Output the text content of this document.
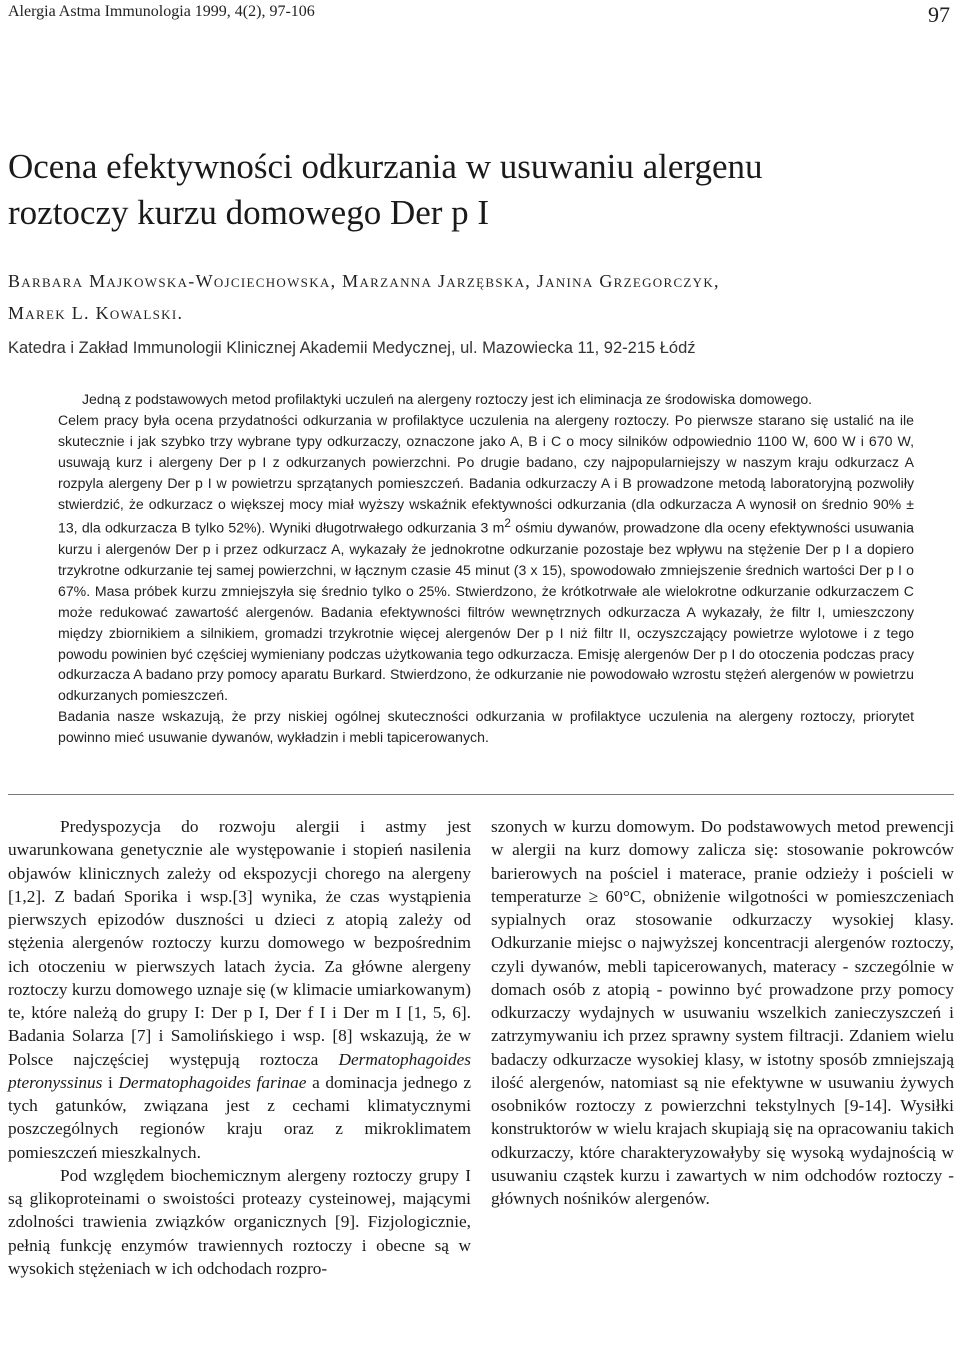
Alergia Astma Immunologia 1999, 4(2), 97-106	97
Ocena efektywności odkurzania w usuwaniu alergenu
roztoczy kurzu domowego Der p I
Barbara Majkowska-Wojciechowska, Marzanna Jarzębska, Janina Grzegorczyk,
Marek L. Kowalski.
Katedra i Zakład Immunologii Klinicznej Akademii Medycznej, ul. Mazowiecka 11, 92-215 Łódź

Jedną z podstawowych metod profilaktyki uczuleń na alergeny roztoczy jest ich eliminacja ze środowiska domowego.

Celem pracy była ocena przydatności odkurzania w profilaktyce uczulenia na alergeny roztoczy. Po pierwsze starano się ustalić na ile skutecznie i jak szybko trzy wybrane typy odkurzaczy, oznaczone jako A, B i C o mocy silników odpowiednio 1100 W, 600 W i 670 W, usuwają kurz i alergeny Der p I z odkurzanych powierzchni. Po drugie badano, czy najpopularniejszy w naszym kraju odkurzacz A rozpyla alergeny Der p I w powietrzu sprzątanych pomieszczeń. Badania odkurzaczy A i B prowadzone metodą laboratoryjną pozwoliły stwierdzić, że odkurzacz o większej mocy miał wyższy wskaźnik efektywności odkurzania (dla odkurzacza A wynosił on średnio 90% ± 13, dla odkurzacza B tylko 52%). Wyniki długotrwałego odkurzania 3 $m^2$ ośmiu dywanów, prowadzone dla oceny efektywności usuwania kurzu i alergenów Der p i przez odkurzacz A, wykazały że jednokrotne odkurzanie pozostaje bez wpływu na stężenie Der p I a dopiero trzykrotne odkurzanie tej samej powierzchni, w łącznym czasie 45 minut (3 x 15), spowodowało zmniejszenie średnich wartości Der p I o 67%. Masa próbek kurzu zmniejszyła się średnio tylko o 25%. Stwierdzono, że krótkotrwałe ale wielokrotne odkurzanie odkurzaczem C może redukować zawartość alergenów. Badania efektywności filtrów wewnętrznych odkurzacza A wykazały, że filtr I, umieszczony między zbiornikiem a silnikiem, gromadzi trzykrotnie więcej alergenów Der p I niż filtr II, oczyszczający powietrze wylotowe i z tego powodu powinien być częściej wymieniany podczas użytkowania tego odkurzacza. Emisję alergenów Der p I do otoczenia podczas pracy odkurzacza A badano przy pomocy aparatu Burkard. Stwierdzono, że odkurzanie nie powodowało wzrostu stężeń alergenów w powietrzu odkurzanych pomieszczeń.

Badania nasze wskazują, że przy niskiej ogólnej skuteczności odkurzania w profilaktyce uczulenia na alergeny roztoczy, priorytet powinno mieć usuwanie dywanów, wykładzin i mebli tapicerowanych.

Predyspozycja do rozwoju alergii i astmy jest uwarunkowana genetycznie ale występowanie i stopień nasilenia objawów klinicznych zależy od ekspozycji chorego na alergeny [1,2]. Z badań Sporika i wsp.[3] wynika, że czas wystąpienia pierwszych epizodów duszności u dzieci z atopią zależy od stężenia alergenów roztoczy kurzu domowego w bezpośrednim ich otoczeniu w pierwszych latach życia. Za główne alergeny roztoczy kurzu domowego uznaje się (w klimacie umiarkowanym) te, które należą do grupy I: Der p I, Der f I i Der m I [1, 5, 6]. Badania Solarza [7] i Samolińskiego i wsp. [8] wskazują, że w Polsce najczęściej występują roztocza Dermatophagoides pteronyssinus i Dermatophagoides farinae a dominacja jednego z tych gatunków, związana jest z cechami klimatycznymi poszczególnych regionów kraju oraz z mikroklimatem pomieszczeń mieszkalnych.

Pod względem biochemicznym alergeny roztoczy grupy I są glikoproteinami o swoistości proteazy cysteinowej, mającymi zdolności trawienia związków organicznych [9]. Fizjologicznie, pełnią funkcję enzymów trawiennych roztoczy i obecne są w wysokich stężeniach w ich odchodach rozpro-

szonych w kurzu domowym. Do podstawowych metod prewencji w alergii na kurz domowy zalicza się: stosowanie pokrowców barierowych na pościel i materace, pranie odzieży i pościeli w temperaturze ≥ 60°C, obniżenie wilgotności w pomieszczeniach sypialnych oraz stosowanie odkurzaczy wysokiej klasy. Odkurzanie miejsc o najwyższej koncentracji alergenów roztoczy, czyli dywanów, mebli tapicerowanych, materacy - szczególnie w domach osób z atopią - powinno być prowadzone przy pomocy odkurzaczy wydajnych w usuwaniu wszelkich zanieczyszczeń i zatrzymywaniu ich przez sprawny system filtracji. Zdaniem wielu badaczy odkurzacze wysokiej klasy, w istotny sposób zmniejszają ilość alergenów, natomiast są nie efektywne w usuwaniu żywych osobników roztoczy z powierzchni tekstylnych [9-14]. Wysiłki konstruktorów w wielu krajach skupiają się na opracowaniu takich odkurzaczy, które charakteryzowałyby się wysoką wydajnością w usuwaniu cząstek kurzu i zawartych w nim odchodów roztoczy - głównych nośników alergenów.
